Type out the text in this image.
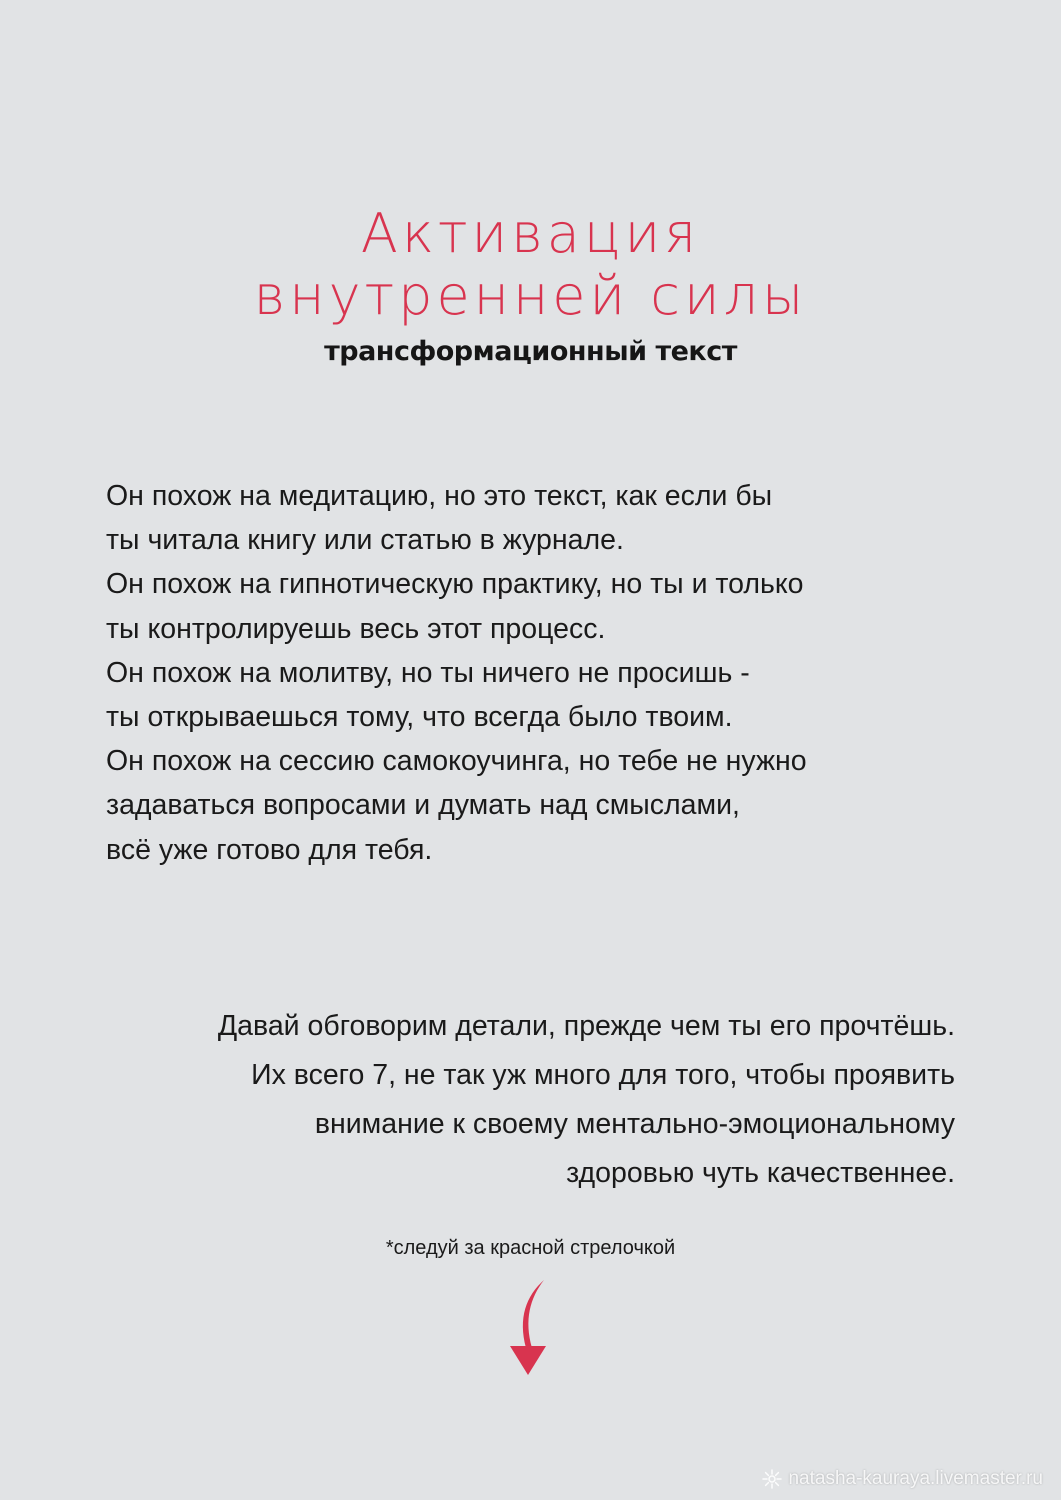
Активация
внутренней силы
трансформационный текст
Он похож на медитацию, но это текст, как если бы
ты читала книгу или статью в журнале.
Он похож на гипнотическую практику, но ты и только
ты контролируешь весь этот процесс.
Он похож на молитву, но ты ничего не просишь -
ты открываешься тому, что всегда было твоим.
Он похож на сессию самокоучинга, но тебе не нужно
задаваться вопросами и думать над смыслами,
всё уже готово для тебя.
Давай обговорим детали, прежде чем ты его прочтёшь.
Их всего 7, не так уж много для того, чтобы проявить
внимание к своему ментально-эмоциональному
здоровью чуть качественнее.
*следуй за красной стрелочкой
natasha-kauraya.livemaster.ru
